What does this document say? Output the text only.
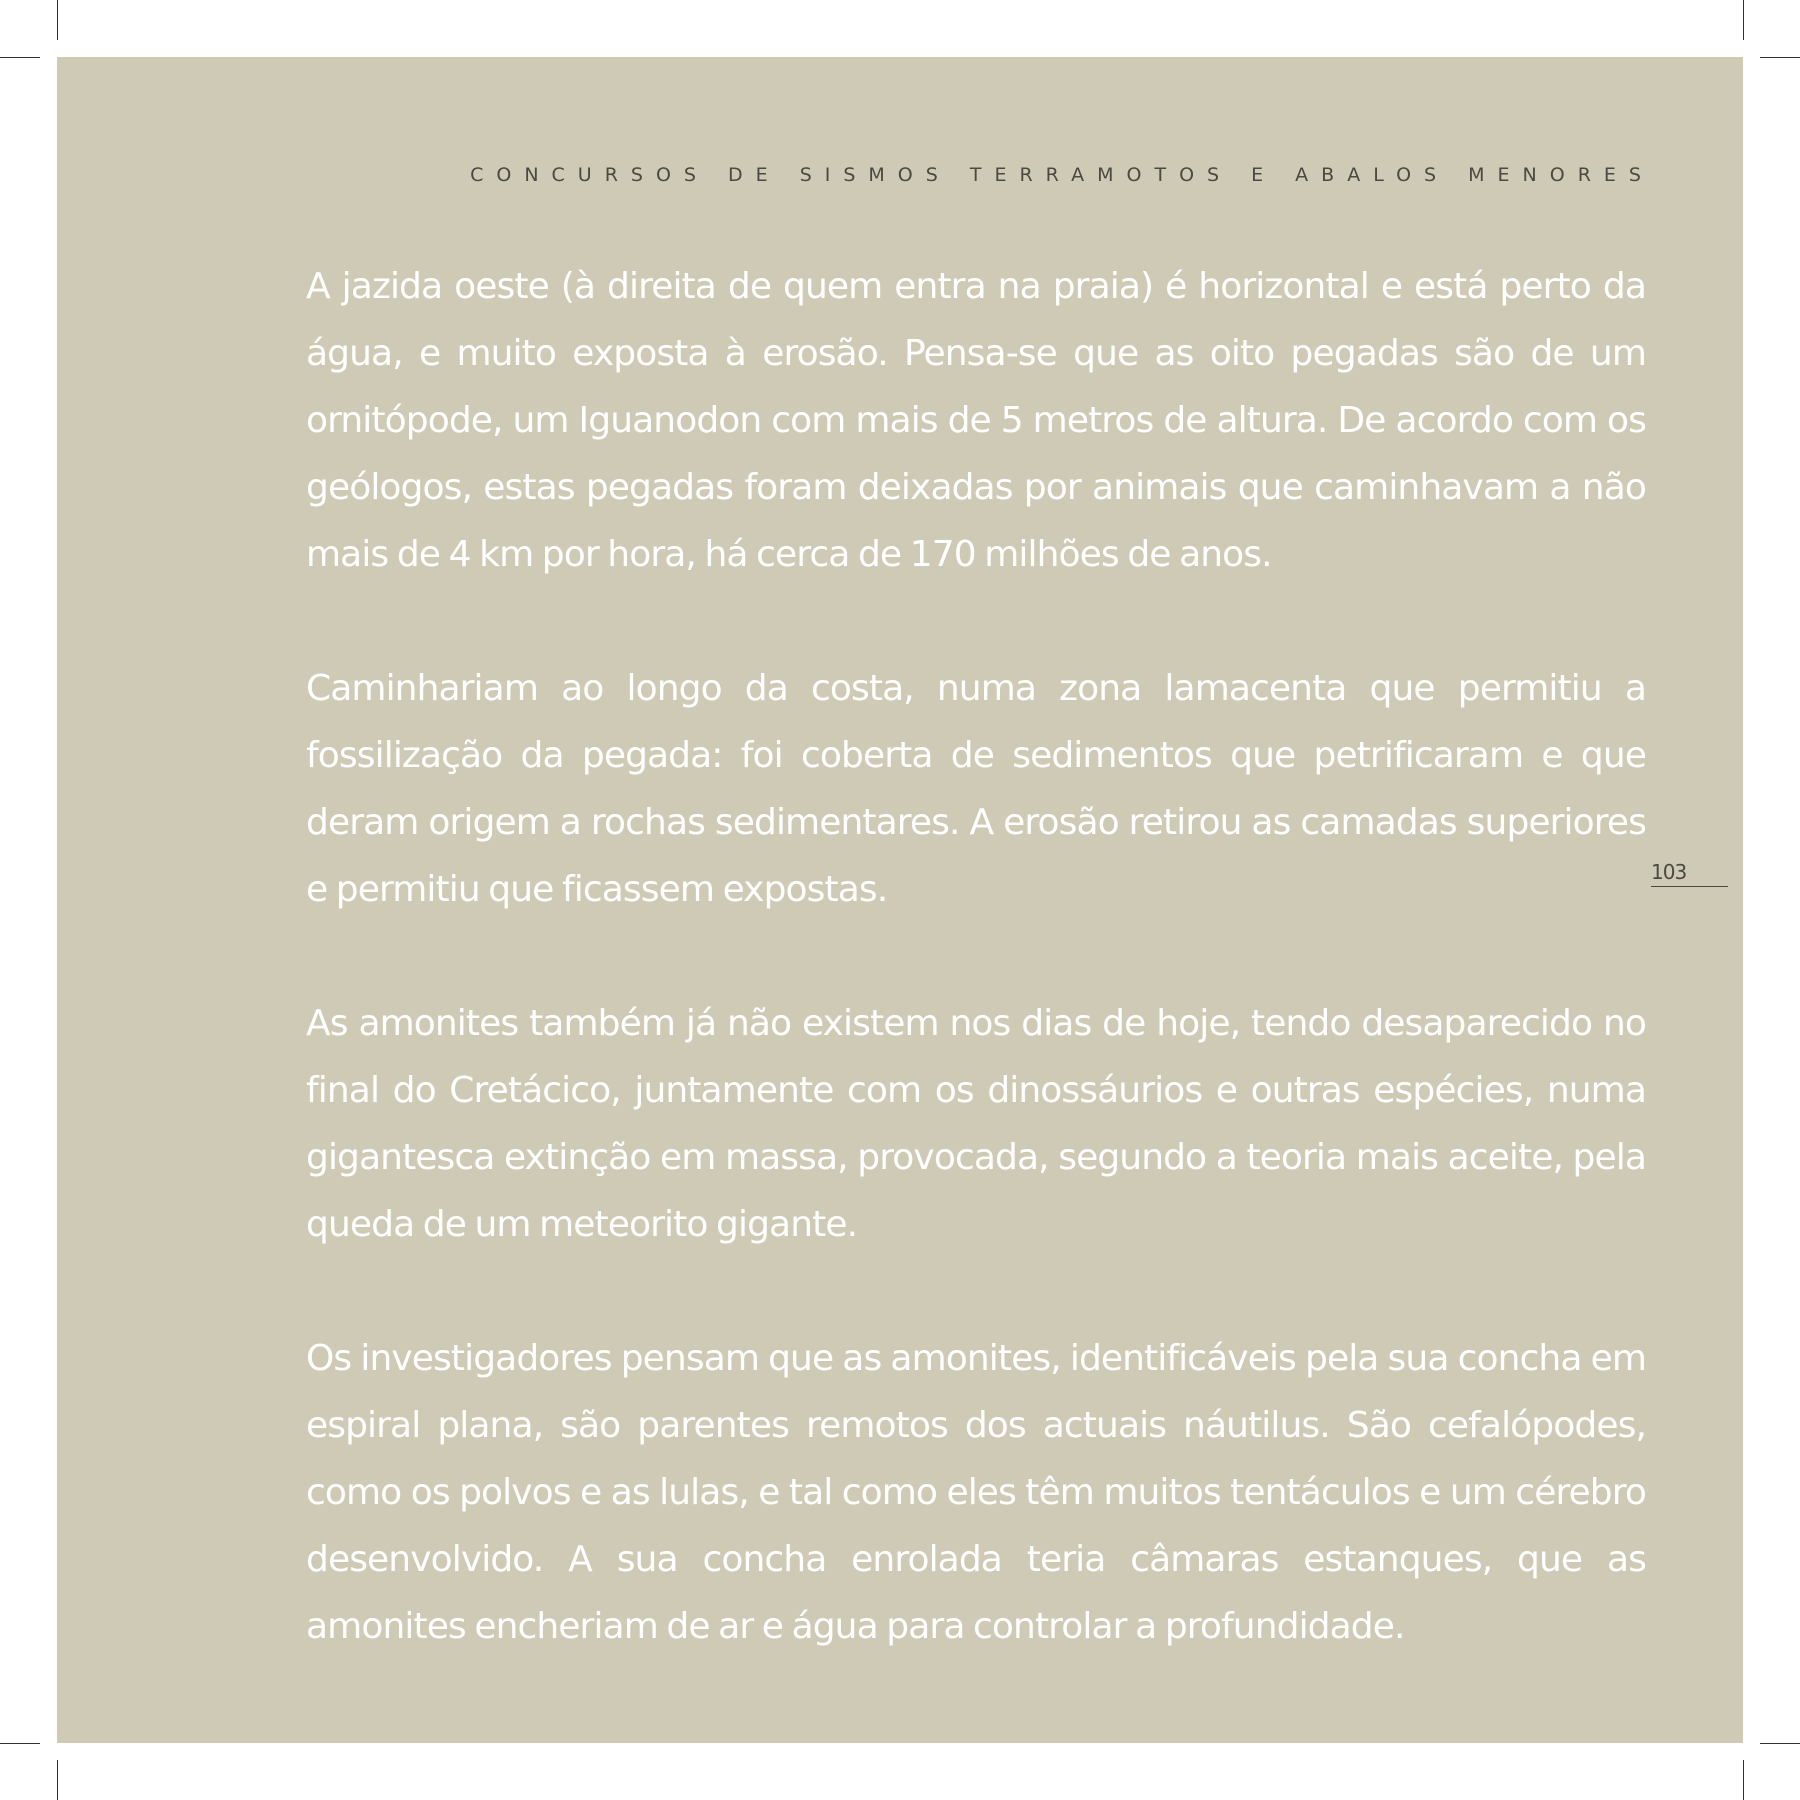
CONCURSOS DE SISMOS TERRAMOTOS E ABALOS MENORES

A jazida oeste (à direita de quem entra na praia) é horizontal e está perto da água, e muito exposta à erosão. Pensa-se que as oito pegadas são de um ornitópode, um Iguanodon com mais de 5 metros de altura. De acordo com os geólogos, estas pegadas foram deixadas por animais que caminhavam a não mais de 4 km por hora, há cerca de 170 milhões de anos.

Caminhariam ao longo da costa, numa zona lamacenta que permitiu a fossilização da pegada: foi coberta de sedimentos que petrificaram e que deram origem a rochas sedimentares. A erosão retirou as camadas superiores e permitiu que ficassem expostas.

As amonites também já não existem nos dias de hoje, tendo desaparecido no final do Cretácico, juntamente com os dinossáurios e outras espécies, numa gigantesca extinção em massa, provocada, segundo a teoria mais aceite, pela queda de um meteorito gigante.

Os investigadores pensam que as amonites, identificáveis pela sua concha em espiral plana, são parentes remotos dos actuais náutilus. São cefalópodes, como os polvos e as lulas, e tal como eles têm muitos tentáculos e um cérebro desenvolvido. A sua concha enrolada teria câmaras estanques, que as amonites encheriam de ar e água para controlar a profundidade.

103
